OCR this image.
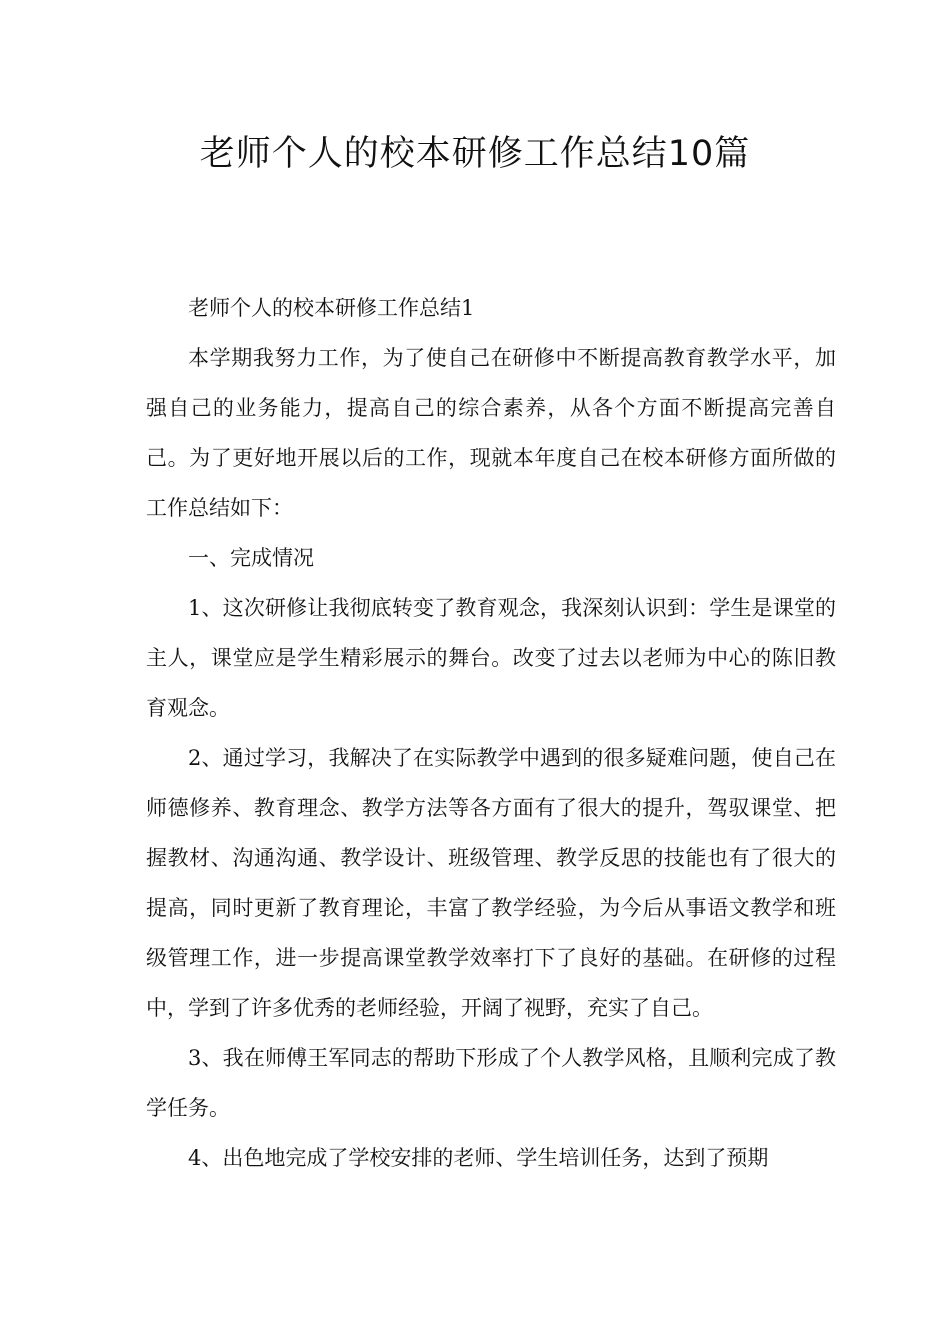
老师个人的校本研修工作总结10篇

老师个人的校本研修工作总结1

本学期我努力工作，为了使自己在研修中不断提高教育教学水平，加强自己的业务能力，提高自己的综合素养，从各个方面不断提高完善自己。为了更好地开展以后的工作，现就本年度自己在校本研修方面所做的工作总结如下：

一、完成情况

1、这次研修让我彻底转变了教育观念，我深刻认识到：学生是课堂的主人，课堂应是学生精彩展示的舞台。改变了过去以老师为中心的陈旧教育观念。

2、通过学习，我解决了在实际教学中遇到的很多疑难问题，使自己在师德修养、教育理念、教学方法等各方面有了很大的提升，驾驭课堂、把握教材、沟通沟通、教学设计、班级管理、教学反思的技能也有了很大的提高，同时更新了教育理论，丰富了教学经验，为今后从事语文教学和班级管理工作，进一步提高课堂教学效率打下了良好的基础。在研修的过程中，学到了许多优秀的老师经验，开阔了视野，充实了自己。

3、我在师傅王军同志的帮助下形成了个人教学风格，且顺利完成了教学任务。

4、出色地完成了学校安排的老师、学生培训任务，达到了预期
